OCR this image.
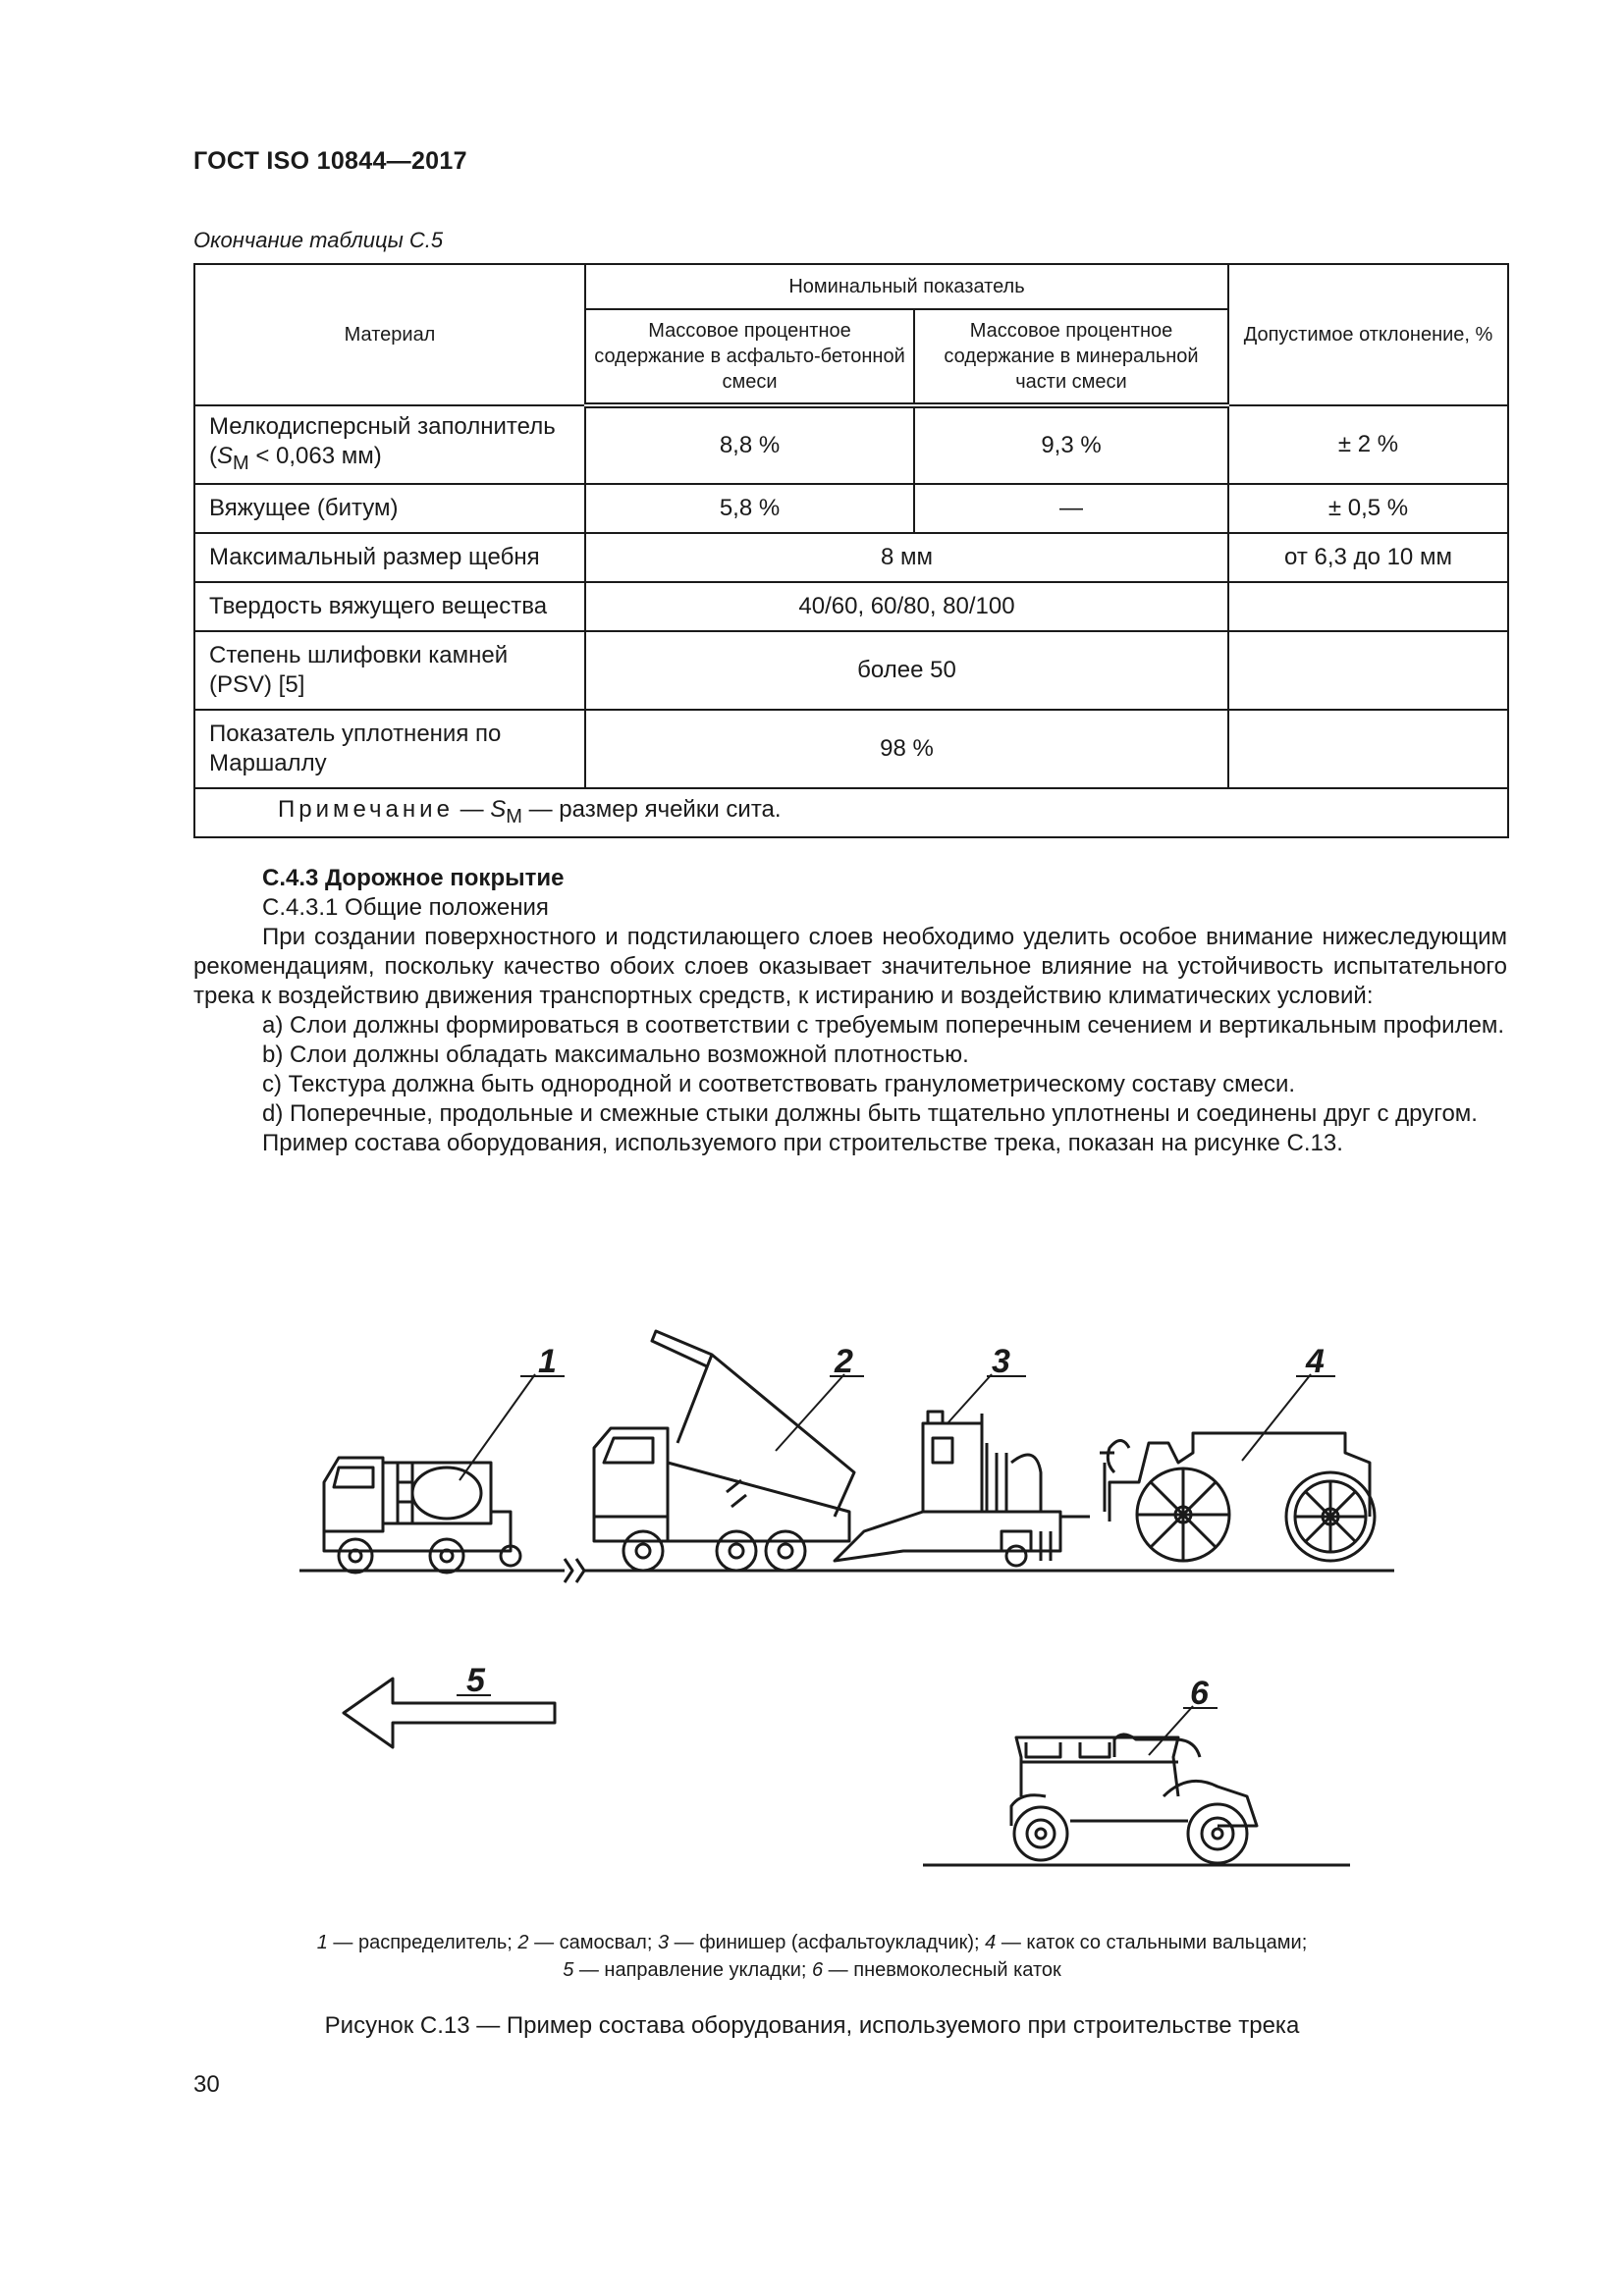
ГОСТ ISO 10844—2017
Окончание таблицы С.5
Материал	Номинальный показатель		Допустимое отклонение, %
	Массовое процентное содержание в асфальто-бетонной смеси	Массовое процентное содержание в минеральной части смеси	
Мелкодисперсный заполнитель ($S_M < 0,063$ мм)	8,8 %	9,3 %	± 2 %
Вяжущее (битум)	5,8 %	—	± 0,5 %
Максимальный размер щебня	8 мм		от 6,3 до 10 мм
Твердость вяжущего вещества	40/60, 60/80, 80/100		
Степень шлифовки камней (PSV) [5]	более 50		
Показатель уплотнения по Маршаллу	98 %		
Примечание — $S_M$ — размер ячейки сита.			

С.4.3 Дорожное покрытие

С.4.3.1 Общие положения

При создании поверхностного и подстилающего слоев необходимо уделить особое внимание нижеследующим рекомендациям, поскольку качество обоих слоев оказывает значительное влияние на устойчивость испытательного трека к воздействию движения транспортных средств, к истиранию и воздействию климатических условий:

a) Слои должны формироваться в соответствии с требуемым поперечным сечением и вертикальным профилем.

b) Слои должны обладать максимально возможной плотностью.

c) Текстура должна быть однородной и соответствовать гранулометрическому составу смеси.

d) Поперечные, продольные и смежные стыки должны быть тщательно уплотнены и соединены друг с другом.

Пример состава оборудования, используемого при строительстве трека, показан на рисунке С.13.

1	2	3	4
5	6
1 — распределитель; 2 — самосвал; 3 — финишер (асфальтоукладчик); 4 — каток со стальными вальцами;
5 — направление укладки; 6 — пневмоколесный каток
Рисунок С.13 — Пример состава оборудования, используемого при строительстве трека
30
